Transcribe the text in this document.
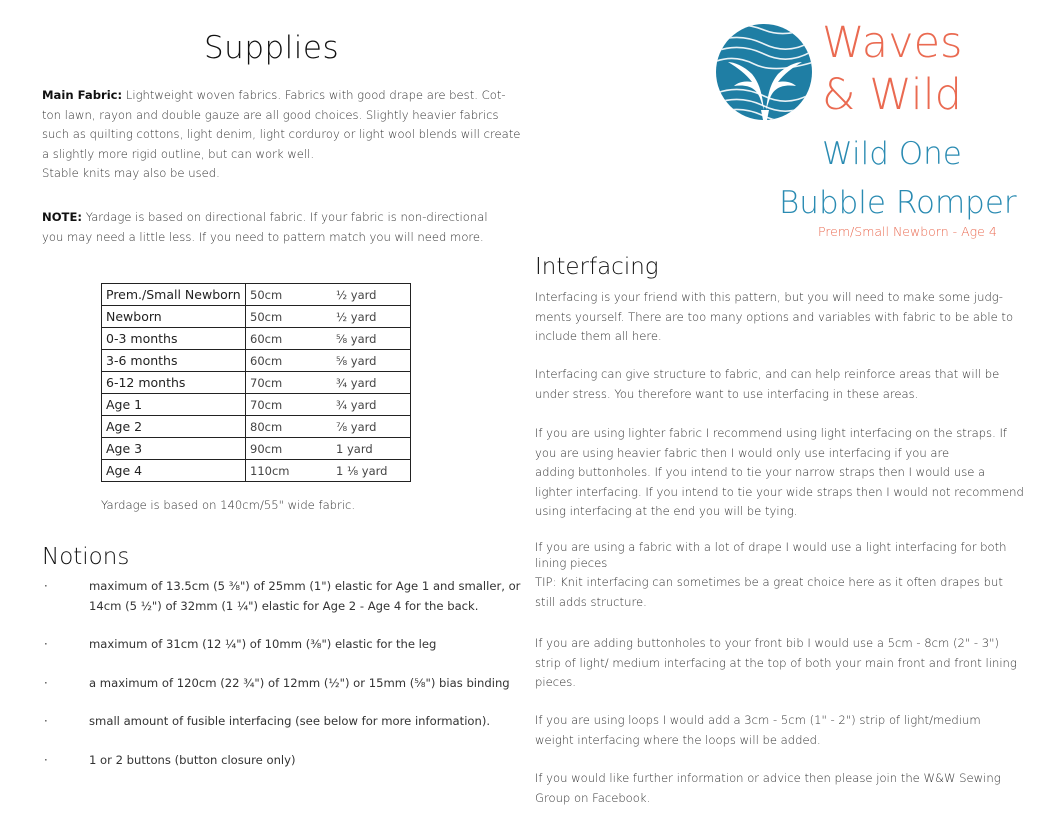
Supplies
Main Fabric: Lightweight woven fabrics. Fabrics with good drape are best. Cot-
ton lawn, rayon and double gauze are all good choices. Slightly heavier fabrics
such as quilting cottons, light denim, light corduroy or light wool blends will create
a slightly more rigid outline, but can work well.
Stable knits may also be used.
NOTE: Yardage is based on directional fabric. If your fabric is non-directional
you may need a little less. If you need to pattern match you will need more.
Prem./Small Newborn	50cm	½ yard
Newborn	50cm	½ yard
0-3 months	60cm	⅝ yard
3-6 months	60cm	⅝ yard
6-12 months	70cm	¾ yard
Age 1	70cm	¾ yard
Age 2	80cm	⅞ yard
Age 3	90cm	1 yard
Age 4	110cm	1 ⅛ yard
Yardage is based on 140cm/55" wide fabric.
Notions
·	maximum of 13.5cm (5 ⅜") of 25mm (1") elastic for Age 1 and smaller, or 14cm (5 ½") of 32mm (1 ¼") elastic for Age 2 - Age 4 for the back.
·	maximum of 31cm (12 ¼") of 10mm (⅜") elastic for the leg
·	a maximum of 120cm (22 ¾") of 12mm (½") or 15mm (⅝") bias binding
·	small amount of fusible interfacing (see below for more information).
·	1 or 2 buttons (button closure only)
Waves
& Wild
Wild One
Bubble Romper
Prem/Small Newborn - Age 4
Interfacing
Interfacing is your friend with this pattern, but you will need to make some judg-
ments yourself. There are too many options and variables with fabric to be able to
include them all here.
Interfacing can give structure to fabric, and can help reinforce areas that will be
under stress. You therefore want to use interfacing in these areas.
If you are using lighter fabric I recommend using light interfacing on the straps. If
you are using heavier fabric then I would only use interfacing if you are
adding buttonholes. If you intend to tie your narrow straps then I would use a
lighter interfacing. If you intend to tie your wide straps then I would not recommend
using interfacing at the end you will be tying.
If you are using a fabric with a lot of drape I would use a light interfacing for both
lining pieces
TIP: Knit interfacing can sometimes be a great choice here as it often drapes but
still adds structure.
If you are adding buttonholes to your front bib I would use a 5cm - 8cm (2" - 3")
strip of light/ medium interfacing at the top of both your main front and front lining
pieces.
If you are using loops I would add a 3cm - 5cm (1" - 2") strip of light/medium
weight interfacing where the loops will be added.
If you would like further information or advice then please join the W&W Sewing
Group on Facebook.
